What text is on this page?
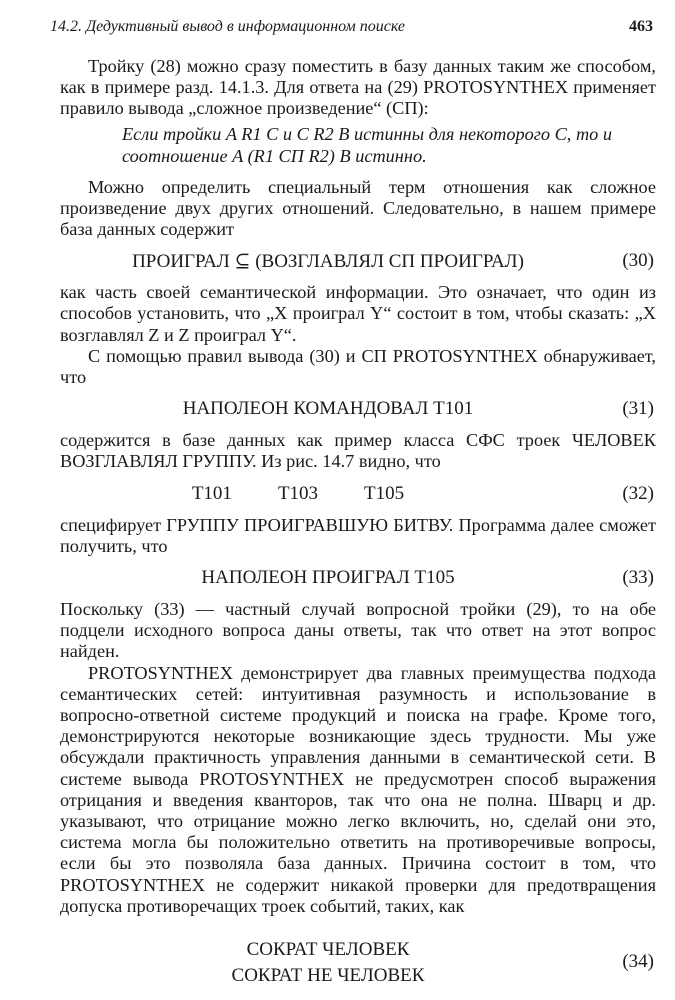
14.2. Дедуктивный вывод в информационном поиске	463

Тройку (28) можно сразу поместить в базу данных таким же способом, как в примере разд. 14.1.3. Для ответа на (29) PROTOSYNTHEX применяет правило вывода „сложное произведение“ (СП):

Если тройки A R1 C и C R2 B истинны для некоторого C, то и соотношение A (R1 СП R2) B истинно.

Можно определить специальный терм отношения как сложное произведение двух других отношений. Следовательно, в нашем примере база данных содержит

ПРОИГРАЛ ⊆ (ВОЗГЛАВЛЯЛ СП ПРОИГРАЛ)	(30)

как часть своей семантической информации. Это означает, что один из способов установить, что „X проиграл Y“ состоит в том, чтобы сказать: „X возглавлял Z и Z проиграл Y“.

С помощью правил вывода (30) и СП PROTOSYNTHEX обнаруживает, что

НАПОЛЕОН КОМАНДОВАЛ Т101	(31)

содержится в базе данных как пример класса СФС троек ЧЕЛОВЕК ВОЗГЛАВЛЯЛ ГРУППУ. Из рис. 14.7 видно, что

Т101 Т103 Т105	(32)

специфирует ГРУППУ ПРОИГРАВШУЮ БИТВУ. Программа далее сможет получить, что

НАПОЛЕОН ПРОИГРАЛ Т105	(33)

Поскольку (33) — частный случай вопросной тройки (29), то на обе подцели исходного вопроса даны ответы, так что ответ на этот вопрос найден.

PROTOSYNTHEX демонстрирует два главных преимущества подхода семантических сетей: интуитивная разумность и использование в вопросно-ответной системе продукций и поиска на графе. Кроме того, демонстрируются некоторые возникающие здесь трудности. Мы уже обсуждали практичность управления данными в семантической сети. В системе вывода PROTOSYNTHEX не предусмотрен способ выражения отрицания и введения кванторов, так что она не полна. Шварц и др. указывают, что отрицание можно легко включить, но, сделай они это, система могла бы положительно ответить на противоречивые вопросы, если бы это позволяла база данных. Причина состоит в том, что PROTOSYNTHEX не содержит никакой проверки для предотвращения допуска противоречащих троек событий, таких, как

СОКРАТ ЧЕЛОВЕК
СОКРАТ НЕ ЧЕЛОВЕК
(34)
